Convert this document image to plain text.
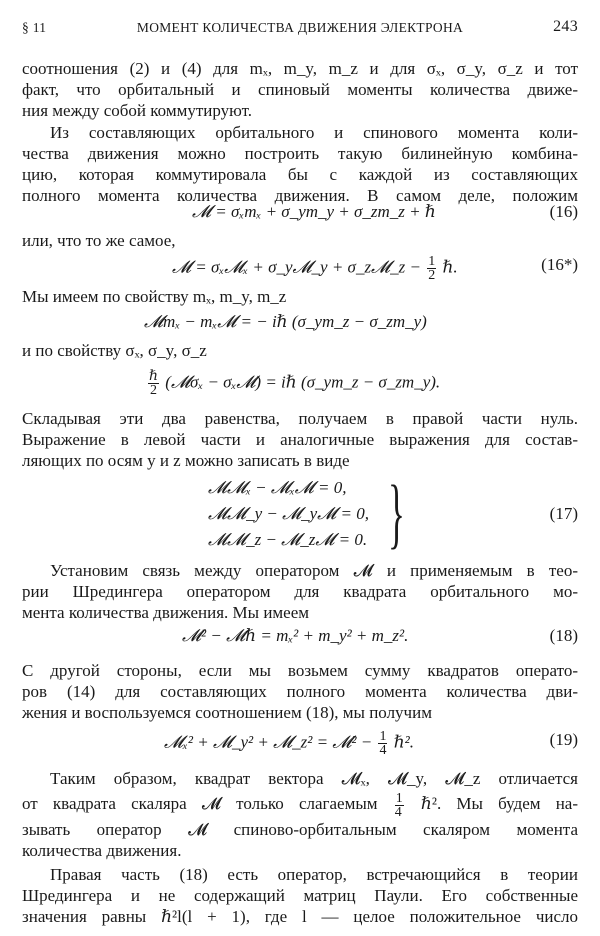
§ 11	МОМЕНТ КОЛИЧЕСТВА ДВИЖЕНИЯ ЭЛЕКТРОНА	243
соотношения (2) и (4) для mₓ, m_y, m_z и для σₓ, σ_y, σ_z и тот
факт, что орбитальный и спиновый моменты количества движе-
ния между собой коммутируют.
Из составляющих орбитального и спинового момента коли-
чества движения можно построить такую билинейную комбина-
цию, которая коммутировала бы с каждой из составляющих
полного момента количества движения. В самом деле, положим
𝓜 = σₓmₓ + σ_ym_y + σ_zm_z + ℏ	(16)
или, что то же самое,
𝓜 = σₓ𝓜ₓ + σ_y𝓜_y + σ_z𝓜_z − $\frac{1}{2}$ ℏ.	(16*)
Мы имеем по свойству mₓ, m_y, m_z
𝓜mₓ − mₓ𝓜 = − iℏ (σ_ym_z − σ_zm_y)
и по свойству σₓ, σ_y, σ_z
$\frac{\text{ℏ}}{2}$ (𝓜σₓ − σₓ𝓜) = iℏ (σ_ym_z − σ_zm_y).
Складывая эти два равенства, получаем в правой части нуль.
Выражение в левой части и аналогичные выражения для состав-
ляющих по осям y и z можно записать в виде
𝓜𝓜ₓ − 𝓜ₓ𝓜 = 0,
𝓜𝓜_y − 𝓜_y𝓜 = 0,
𝓜𝓜_z − 𝓜_z𝓜 = 0. }	(17)
Установим связь между оператором 𝓜 и применяемым в тео-
рии Шредингера оператором для квадрата орбитального мо-
мента количества движения. Мы имеем
𝓜² − 𝓜ℏ = mₓ² + m_y² + m_z².	(18)
С другой стороны, если мы возьмем сумму квадратов операто-
ров (14) для составляющих полного момента количества дви-
жения и воспользуемся соотношением (18), мы получим
𝓜ₓ² + 𝓜_y² + 𝓜_z² = 𝓜² − $\frac{1}{4}$ ℏ².	(19)
Таким образом, квадрат вектора 𝓜ₓ, 𝓜_y, 𝓜_z отличается
от квадрата скаляра 𝓜 только слагаемым $\frac{1}{4}$ ℏ². Мы будем на-
зывать оператор 𝓜 спиново-орбитальным скаляром момента
количества движения.
Правая часть (18) есть оператор, встречающийся в теории
Шредингера и не содержащий матриц Паули. Его собственные
значения равны ℏ²l(l + 1), где l — целое положительное число
